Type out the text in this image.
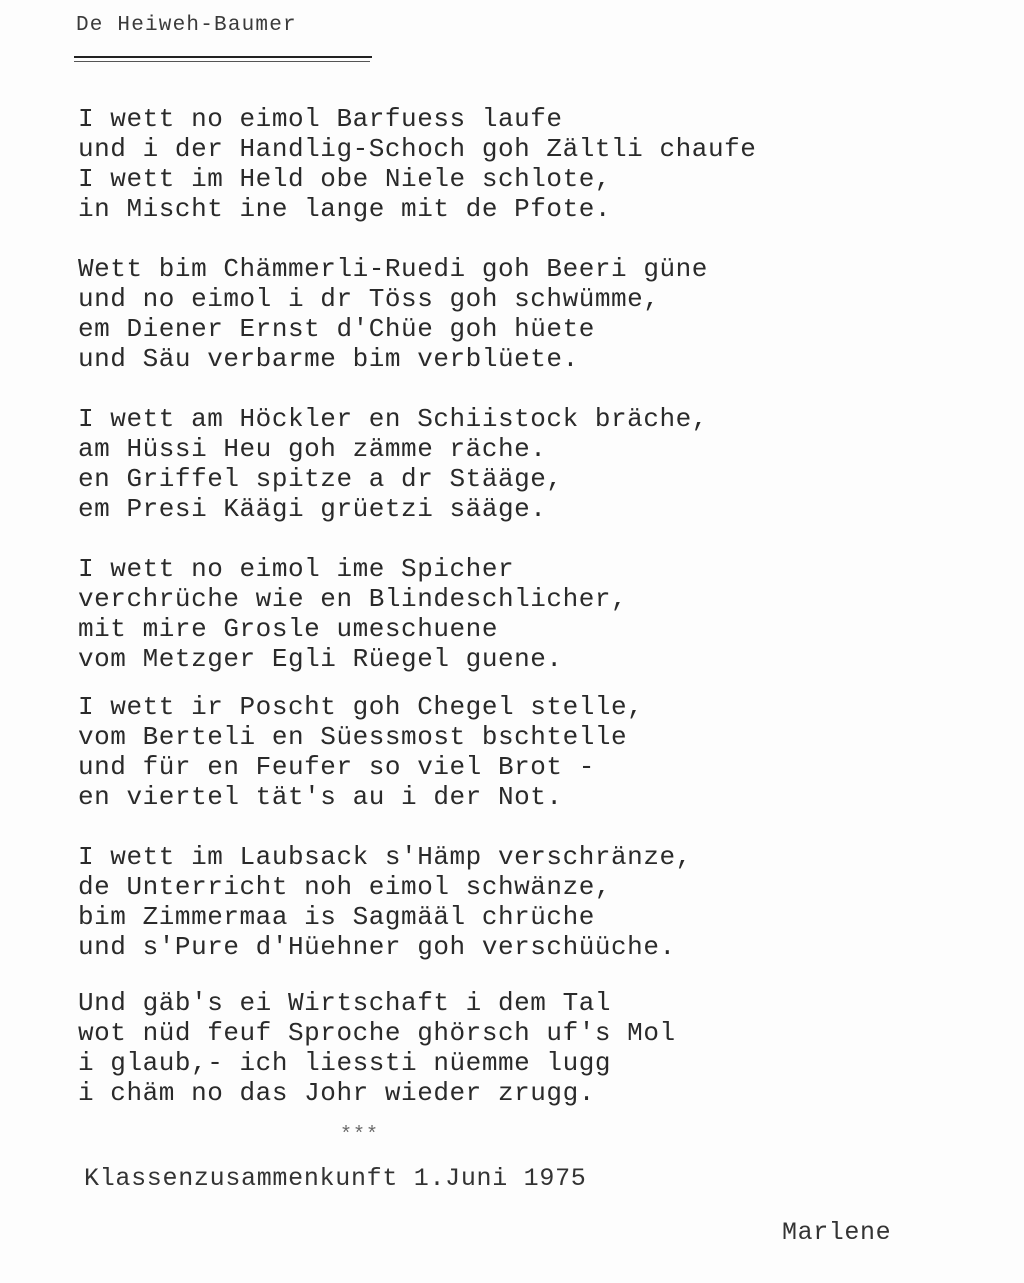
De Heiweh-Baumer
I wett no eimol Barfuess laufe
und i der Handlig-Schoch goh Zältli chaufe
I wett im Held obe Niele schlote,
in Mischt ine lange mit de Pfote.
Wett bim Chämmerli-Ruedi goh Beeri güne
und no eimol i dr Töss goh schwümme,
em Diener Ernst d'Chüe goh hüete
und Säu verbarme bim verblüete.
I wett am Höckler en Schiistock bräche,
am Hüssi Heu goh zämme räche.
en Griffel spitze a dr Stääge,
em Presi Käägi grüetzi sääge.
I wett no eimol ime Spicher
verchrüche wie en Blindeschlicher,
mit mire Grosle umeschuene
vom Metzger Egli Rüegel guene.
I wett ir Poscht goh Chegel stelle,
vom Berteli en Süessmost bschtelle
und für en Feufer so viel Brot -
en viertel tät's au i der Not.
I wett im Laubsack s'Hämp verschränze,
de Unterricht noh eimol schwänze,
bim Zimmermaa is Sagmääl chrüche
und s'Pure d'Hüehner goh verschüüche.
Und gäb's ei Wirtschaft i dem Tal
wot nüd feuf Sproche ghörsch uf's Mol
i glaub,- ich liessti nüemme lugg
i chäm no das Johr wieder zrugg.
***
Klassenzusammenkunft 1.Juni 1975
Marlene
